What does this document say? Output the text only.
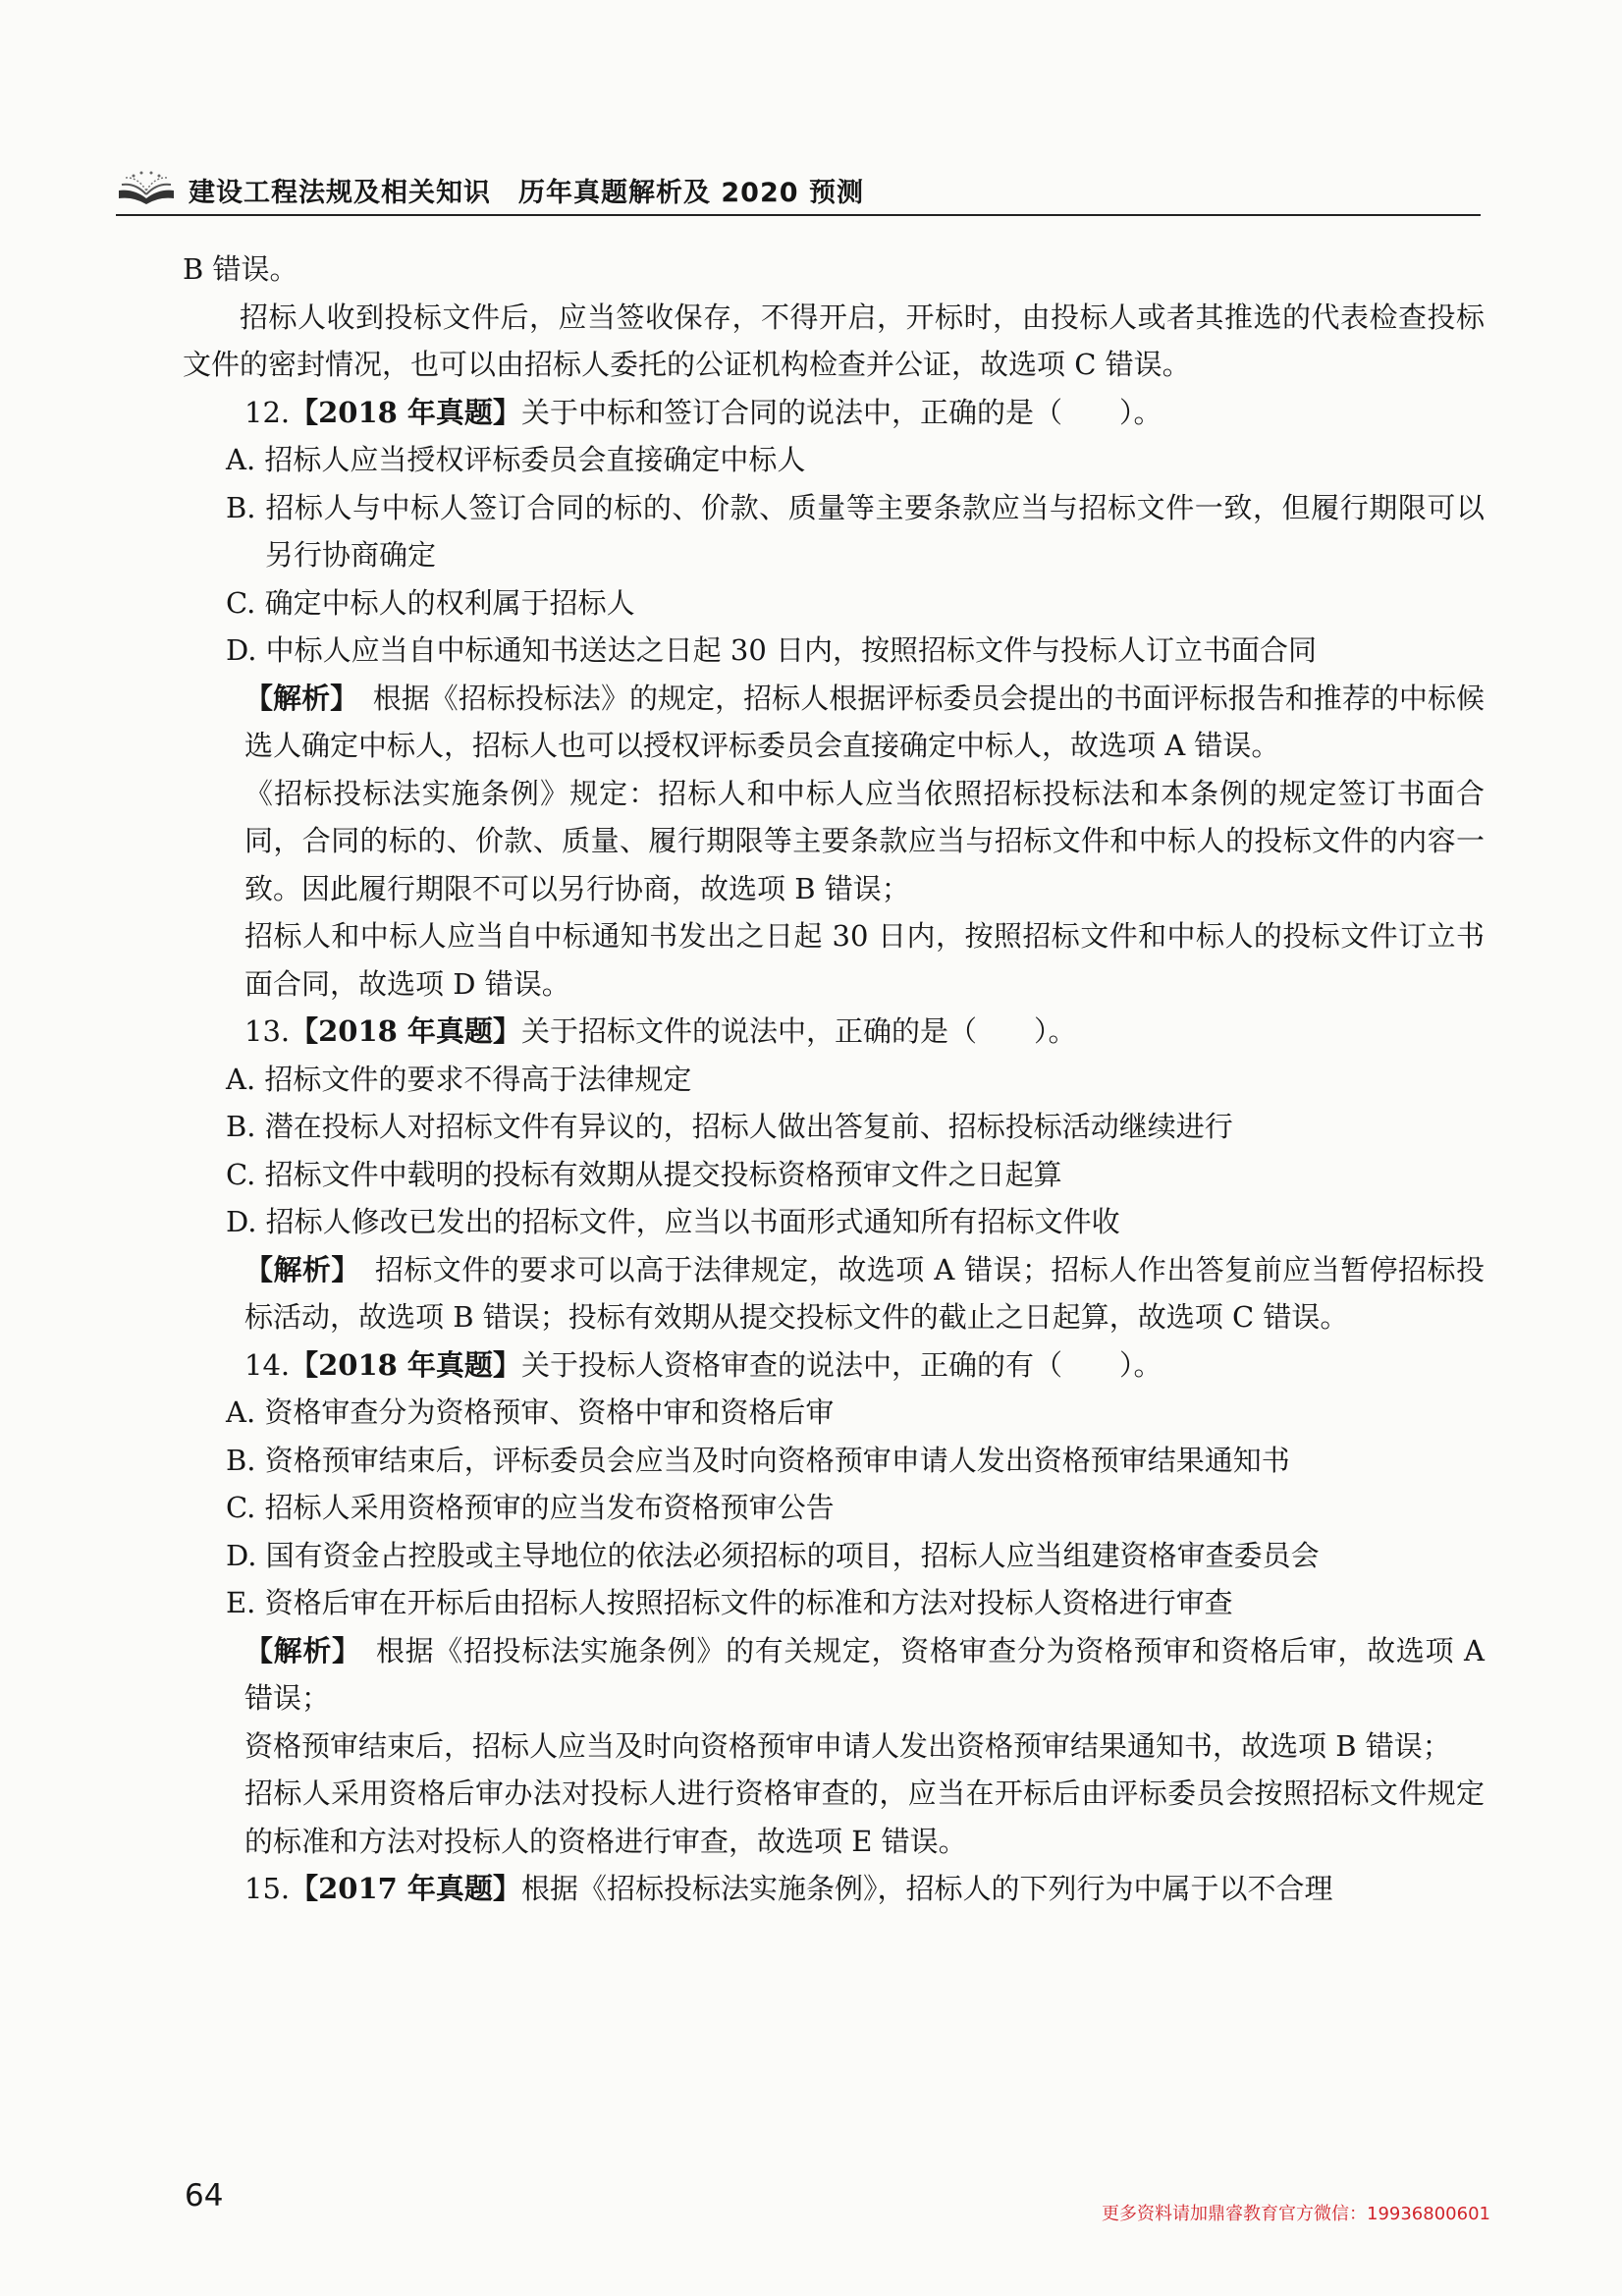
建设工程法规及相关知识　历年真题解析及 2020 预测

B 错误。

招标人收到投标文件后，应当签收保存，不得开启，开标时，由投标人或者其推选的代表检查投标文件的密封情况，也可以由招标人委托的公证机构检查并公证，故选项 C 错误。

12.【2018 年真题】关于中标和签订合同的说法中，正确的是（　　）。

A. 招标人应当授权评标委员会直接确定中标人

B. 招标人与中标人签订合同的标的、价款、质量等主要条款应当与招标文件一致，但履行期限可以另行协商确定

C. 确定中标人的权利属于招标人

D. 中标人应当自中标通知书送达之日起 30 日内，按照招标文件与投标人订立书面合同

【解析】　 根据《招标投标法》的规定，招标人根据评标委员会提出的书面评标报告和推荐的中标候选人确定中标人，招标人也可以授权评标委员会直接确定中标人，故选项 A 错误。

《招标投标法实施条例》规定：招标人和中标人应当依照招标投标法和本条例的规定签订书面合同，合同的标的、价款、质量、履行期限等主要条款应当与招标文件和中标人的投标文件的内容一致。因此履行期限不可以另行协商，故选项 B 错误；

招标人和中标人应当自中标通知书发出之日起 30 日内，按照招标文件和中标人的投标文件订立书面合同，故选项 D 错误。

13.【2018 年真题】关于招标文件的说法中，正确的是（　　）。

A. 招标文件的要求不得高于法律规定

B. 潜在投标人对招标文件有异议的，招标人做出答复前、招标投标活动继续进行

C. 招标文件中载明的投标有效期从提交投标资格预审文件之日起算

D. 招标人修改已发出的招标文件，应当以书面形式通知所有招标文件收

【解析】　 招标文件的要求可以高于法律规定，故选项 A 错误；招标人作出答复前应当暂停招标投标活动，故选项 B 错误；投标有效期从提交投标文件的截止之日起算，故选项 C 错误。

14.【2018 年真题】关于投标人资格审查的说法中，正确的有（　　）。

A. 资格审查分为资格预审、资格中审和资格后审

B. 资格预审结束后，评标委员会应当及时向资格预审申请人发出资格预审结果通知书

C. 招标人采用资格预审的应当发布资格预审公告

D. 国有资金占控股或主导地位的依法必须招标的项目，招标人应当组建资格审查委员会

E. 资格后审在开标后由招标人按照招标文件的标准和方法对投标人资格进行审查

【解析】　 根据《招投标法实施条例》的有关规定，资格审查分为资格预审和资格后审，故选项 A 错误；

资格预审结束后，招标人应当及时向资格预审申请人发出资格预审结果通知书，故选项 B 错误；

招标人采用资格后审办法对投标人进行资格审查的，应当在开标后由评标委员会按照招标文件规定的标准和方法对投标人的资格进行审查，故选项 E 错误。

15.【2017 年真题】根据《招标投标法实施条例》，招标人的下列行为中属于以不合理

64
更多资料请加鼎睿教育官方微信：19936800601
